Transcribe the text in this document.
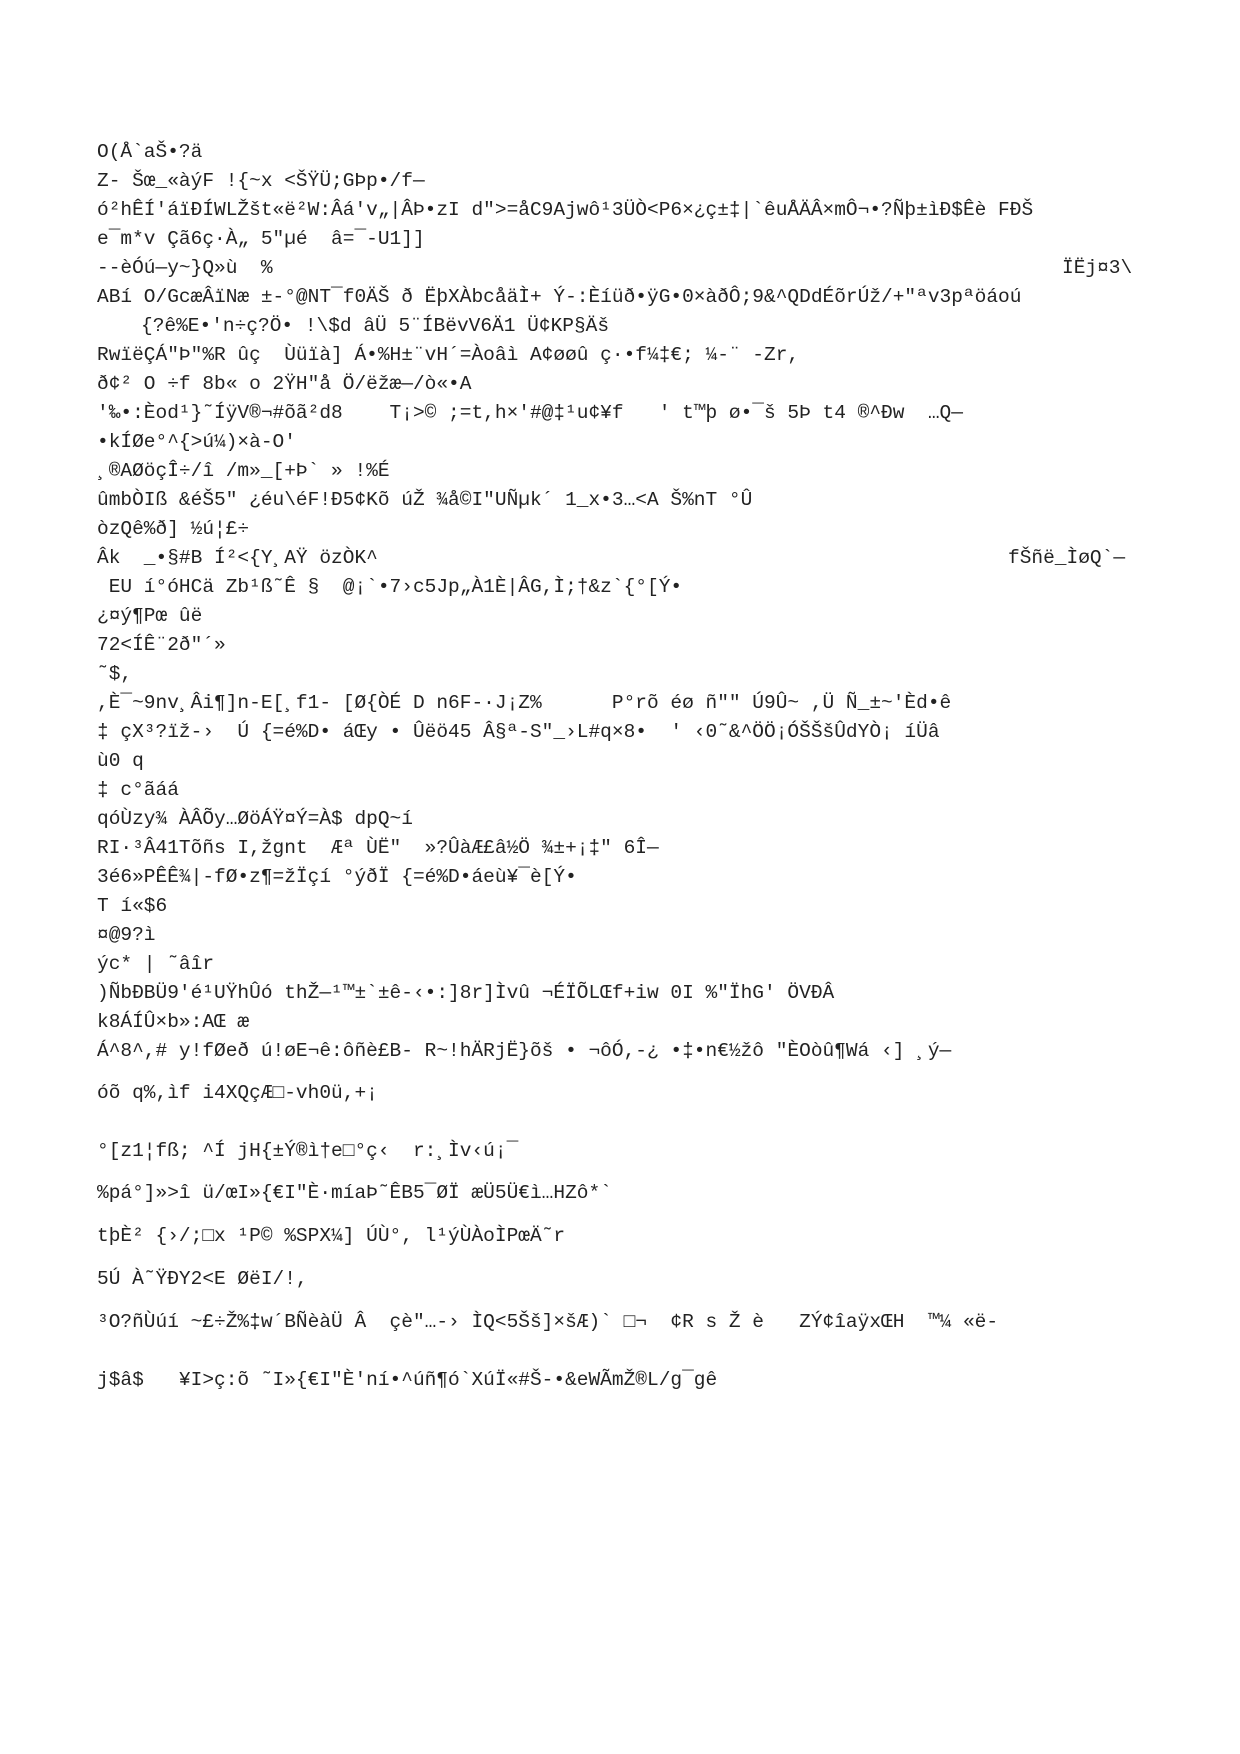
O(Å`aŠ•?ä
Z- Šœ_«àýF !{~x <ŠŸÜ;GÞp•/f—
ó²hÊÍ'áïÐÍWLŽšt«ë²W:Âá'v„|ÂÞ•zI d">=åC9Ajwô¹3ÜÒ<P6×¿ç±‡|`êuÅÄÂ×mÔ¬•?Ñþ±ìÐ$Êè FÐŠ
e¯m*v Çã6ç·À„ 5"µé  â=¯-U1]]
--èÓú—y~}Q»ù  %	ÏËj¤3\
ABí O/GcæÂïNæ ±-°@NT¯f0ÄŠ ð ËþXÀbcåäÌ+ Ý-:Èíüð•ÿG•0×àðÔ;9&^QDdÉõrÚž/+"ªv3pªöáoú
{?ê%E•'n÷ç?Ö• !\$d âÜ 5¨ÍBëvV6Ä1 Ü¢KP§Äš
RwïëÇÁ"Þ"%R ûç  Ùüïà] Á•%H±¨vH´=Àoâì A¢øøû ç·•f¼‡€; ¼-¨ -Zr,
ð¢² O ÷f 8b« o 2ŸH"å Ö/ëžæ—/ò«•A
'‰•:Èod¹}˜ÍÿV®¬#õã²d8    T¡>© ;=t,h×'#@‡¹u¢¥f   ' t™þ ø•¯š 5Þ t4 ®^Ðw  …Q—
•kÍØe°^{>ú¼)×à-O'
¸®AØöçÎ÷/î /m»_[+Þ` » !%É
ûmbÒIß &éŠ5" ¿éu\éF!Ð5¢Kõ úŽ ¾å©I"UÑµk´ 1_x•3…<A Š%nT °Û
òzQê%ð] ½ú¦£÷
Âk  _•§#B Í²<{Y¸AŸ özÒK^	fŠñë_ÌøQ`—
EU í°óHCä Zb¹ß˜Ê §  @¡`•7›c5Jp„À1È|ÂG,Ì;†&z`{°[Ý•
¿¤ý¶Pœ ûë
72<ÍÊ¨2ð"´»
˜$,
,È¯~9nv¸Âi¶]n-E[¸f1- [Ø{ÒÉ D n6F-·J¡Z%      P°rõ éø ñ"" Ú9Û~ ,Ü Ñ_±~'Èd•ê
‡ çX³?ïž-›  Ú {=é%D• áŒy • Ûëö45 Â§ª-S"_›L#q×8•  ' ‹0˜&^ÖÖ¡ÓŠŠšÛdYÒ¡ íÜâ
ù0 q
‡ c°ãáá
qóÙzy¾ ÀÂÕy…ØöÁŸ¤Ý=À$ dpQ~í
RI·³Â41Tõñs I,žgnt  Æª ÙË"  »?ÛàÆ£â½Ö ¾±+¡‡" 6Î—
3é6»PÊÊ¾|-fØ•z¶=žÏçí °ýðÏ {=é%D•áeù¥¯è[Ý•
T í«$6
¤@9?ì
ýc* | ˜âîr
)ÑbÐBÜ9'é¹UŸhÛó thŽ—¹™±`±ê-‹•:]8r]Ìvû ¬ÉÏÕLŒf+iw 0I %"ÏhG' ÖVÐÂ
k8ÁÍÛ×b»:AŒ æ
Á^8^,# y!fØeð ú!øE¬ê:ôñè£B- R~!hÄRjË}õš • ¬ôÓ,-¿ •‡•n€½žô "ÈOòû¶Wá ‹] ¸ý—
óõ q%,ìf i4XQçÆ□-vh0ü,+¡
°[z1¦fß; ^Í jH{±Ý®ì†e□°ç‹  r:¸Ìv‹ú¡¯
%pá°]»>î ü/œI»{€I"È·míaÞ˜ÊB5¯ØÏ æÜ5Ü€ì…HZô*`
tþÈ² {›/;□x ¹P© %SPX¼] ÚÙ°, l¹ýÙÀoÌPœÄ˜r
5Ú À˜ŸÐY2<E ØëI/!,
³O?ñÙúí ~£÷Ž%‡w´BÑèàÜ Â  çè"…-› ÌQ<5Šš]×šÆ)` □¬  ¢R s Ž è   ZÝ¢îaÿxŒH  ™¼ «ë-
j$â$   ¥I>ç:õ ˜I»{€I"È'ní•^úñ¶ó`XúÏ«#Š-•&eWÃmŽ®L/g¯gê
